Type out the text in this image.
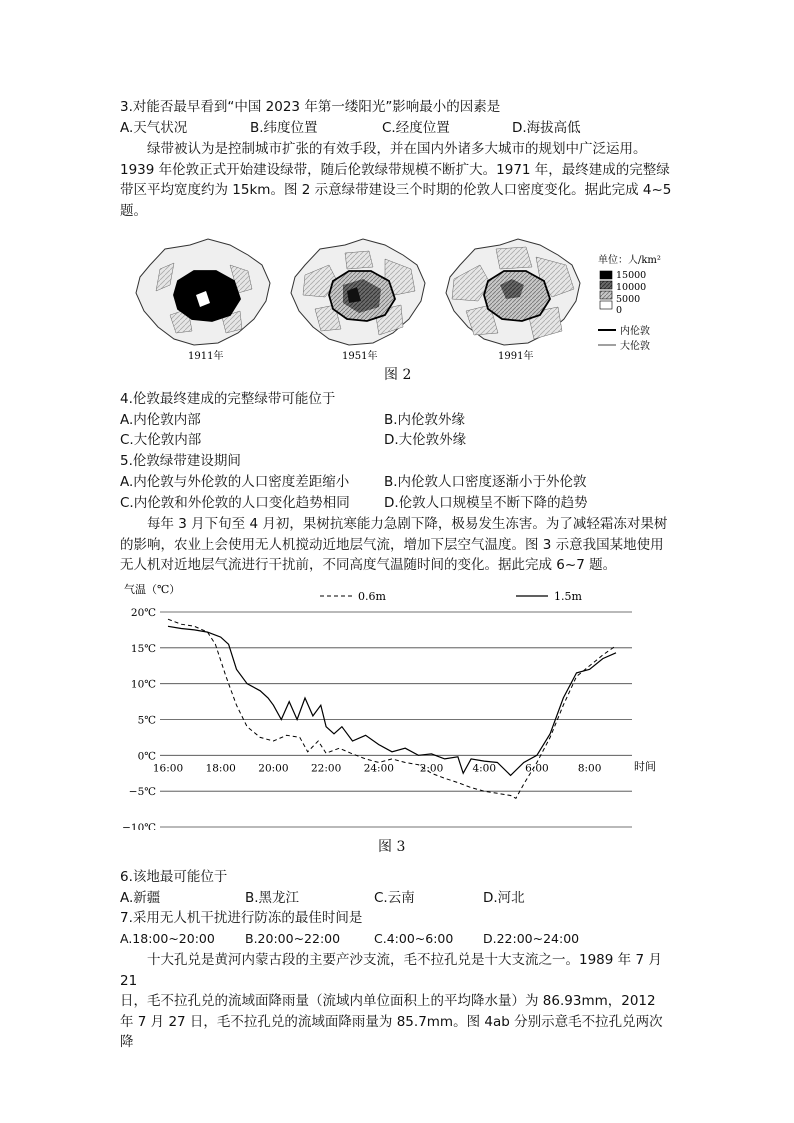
3.对能否最早看到“中国 2023 年第一缕阳光”影响最小的因素是
A.天气状况	B.纬度位置	C.经度位置	D.海拔高低

绿带被认为是控制城市扩张的有效手段，并在国内外诸多大城市的规划中广泛运用。

1939 年伦敦正式开始建设绿带，随后伦敦绿带规模不断扩大。1971 年，最终建成的完整绿

带区平均宽度约为 15km。图 2 示意绿带建设三个时期的伦敦人口密度变化。据此完成 4~5

题。

1911年	1951年	1991年
单位：人/km²
15000
10000
5000
0
内伦敦
大伦敦
图 2
4.伦敦最终建成的完整绿带可能位于
A.内伦敦内部	B.内伦敦外缘
C.大伦敦内部	D.大伦敦外缘
5.伦敦绿带建设期间
A.内伦敦与外伦敦的人口密度差距缩小	B.内伦敦人口密度逐渐小于外伦敦
C.内伦敦和外伦敦的人口变化趋势相同	D.伦敦人口规模呈不断下降的趋势

每年 3 月下旬至 4 月初，果树抗寒能力急剧下降，极易发生冻害。为了减轻霜冻对果树

的影响，农业上会使用无人机搅动近地层气流，增加下层空气温度。图 3 示意我国某地使用

无人机对近地层气流进行干扰前，不同高度气温随时间的变化。据此完成 6~7 题。

20℃
15℃
10℃
5℃
0℃
−5℃
−10℃
16:00 18:00 20:00 22:00 24:00 2:00	4:00	6:00	8:00
气温（℃）
时间
0.6m	1.5m
图 3
6.该地最可能位于
A.新疆	B.黑龙江	C.云南	D.河北
7.采用无人机干扰进行防冻的最佳时间是
A.18:00~20:00 B.20:00~22:00	C.4:00~6:00 D.22:00~24:00

十大孔兑是黄河内蒙古段的主要产沙支流，毛不拉孔兑是十大支流之一。1989 年 7 月 21

日，毛不拉孔兑的流域面降雨量（流域内单位面积上的平均降水量）为 86.93mm，2012

年 7 月 27 日，毛不拉孔兑的流域面降雨量为 85.7mm。图 4ab 分别示意毛不拉孔兑两次降
